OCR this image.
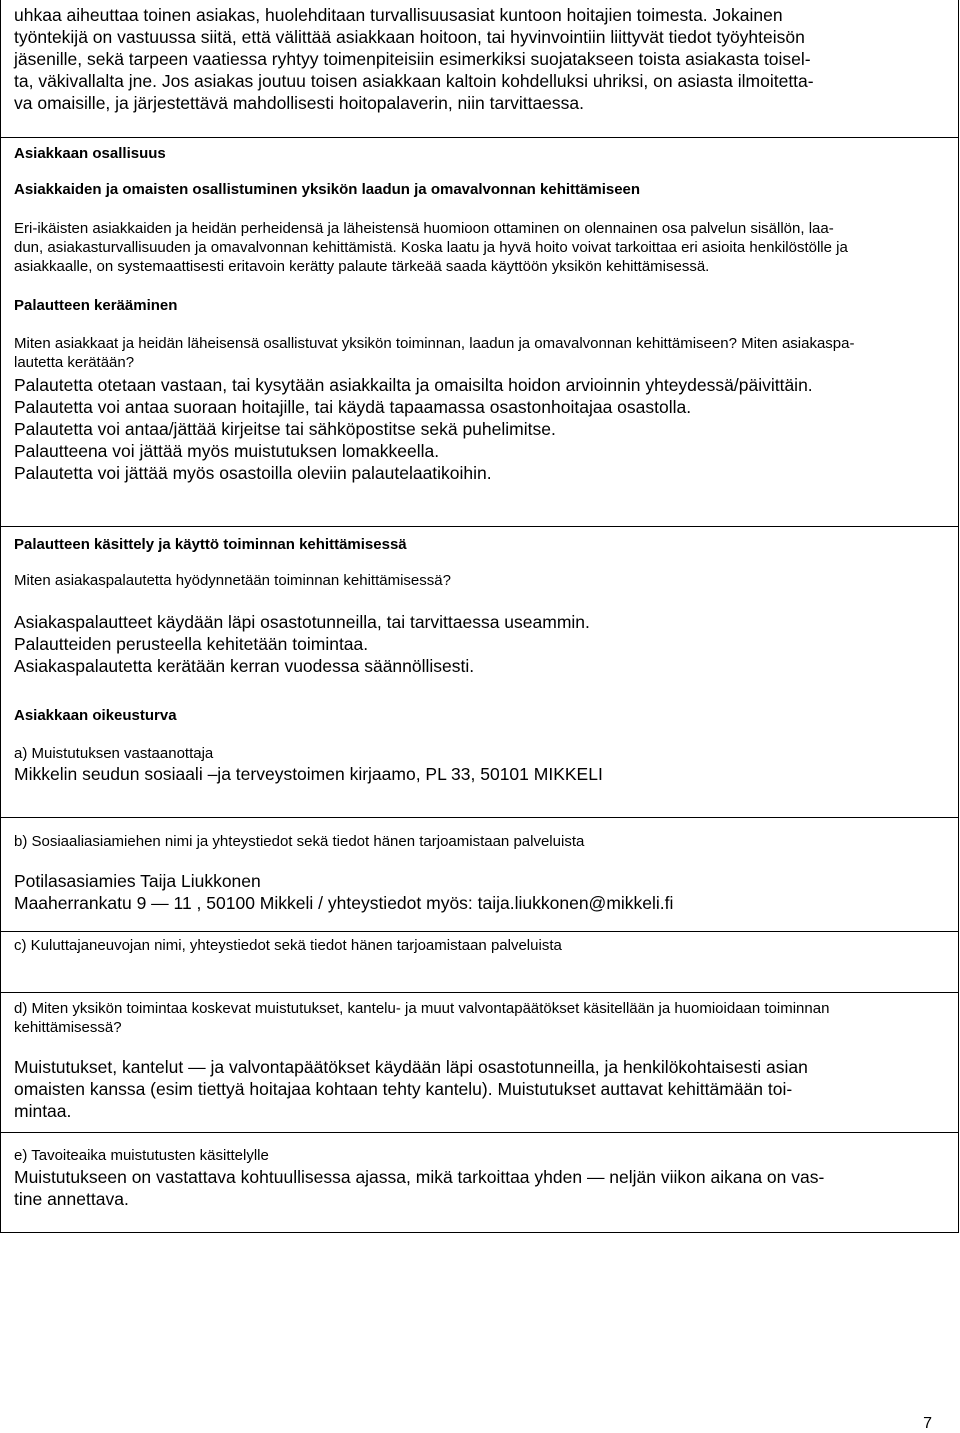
uhkaa aiheuttaa toinen asiakas, huolehditaan turvallisuusasiat kuntoon hoitajien toimesta. Jokainen
työntekijä on vastuussa siitä, että välittää asiakkaan hoitoon, tai hyvinvointiin liittyvät tiedot työyhteisön
jäsenille, sekä tarpeen vaatiessa ryhtyy toimenpiteisiin esimerkiksi suojatakseen toista asiakasta toisel-
ta, väkivallalta jne. Jos asiakas joutuu toisen asiakkaan kaltoin kohdelluksi uhriksi, on asiasta ilmoitetta-
va omaisille, ja järjestettävä mahdollisesti hoitopalaverin, niin tarvittaessa.
Asiakkaan osallisuus
Asiakkaiden ja omaisten osallistuminen yksikön laadun ja omavalvonnan kehittämiseen
Eri-ikäisten asiakkaiden ja heidän perheidensä ja läheistensä huomioon ottaminen on olennainen osa palvelun sisällön, laa-
dun, asiakasturvallisuuden ja omavalvonnan kehittämistä. Koska laatu ja hyvä hoito voivat tarkoittaa eri asioita henkilöstölle ja
asiakkaalle, on systemaattisesti eritavoin kerätty palaute tärkeää saada käyttöön yksikön kehittämisessä.
Palautteen kerääminen
Miten asiakkaat ja heidän läheisensä osallistuvat yksikön toiminnan, laadun ja omavalvonnan kehittämiseen? Miten asiakaspa-
lautetta kerätään?
Palautetta otetaan vastaan, tai kysytään asiakkailta ja omaisilta hoidon arvioinnin yhteydessä/päivittäin.
Palautetta voi antaa suoraan hoitajille, tai käydä tapaamassa osastonhoitajaa osastolla.
Palautetta voi antaa/jättää kirjeitse tai sähköpostitse sekä puhelimitse.
Palautteena voi jättää myös muistutuksen lomakkeella.
Palautetta voi jättää myös osastoilla oleviin palautelaatikoihin.
Palautteen käsittely ja käyttö toiminnan kehittämisessä
Miten asiakaspalautetta hyödynnetään toiminnan kehittämisessä?
Asiakaspalautteet käydään läpi osastotunneilla, tai tarvittaessa useammin.
Palautteiden perusteella kehitetään toimintaa.
Asiakaspalautetta kerätään kerran vuodessa säännöllisesti.
Asiakkaan oikeusturva
a) Muistutuksen vastaanottaja
Mikkelin seudun sosiaali –ja terveystoimen kirjaamo, PL 33, 50101 MIKKELI
b) Sosiaaliasiamiehen nimi ja yhteystiedot sekä tiedot hänen tarjoamistaan palveluista
Potilasasiamies Taija Liukkonen
Maaherrankatu 9 — 11 , 50100 Mikkeli / yhteystiedot myös: taija.liukkonen@mikkeli.fi
c) Kuluttajaneuvojan nimi, yhteystiedot sekä tiedot hänen tarjoamistaan palveluista
d) Miten yksikön toimintaa koskevat muistutukset, kantelu- ja muut valvontapäätökset käsitellään ja huomioidaan toiminnan
kehittämisessä?
Muistutukset, kantelut — ja valvontapäätökset käydään läpi osastotunneilla, ja henkilökohtaisesti asian
omaisten kanssa (esim tiettyä hoitajaa kohtaan tehty kantelu). Muistutukset auttavat kehittämään toi-
mintaa.
e) Tavoiteaika muistutusten käsittelylle
Muistutukseen on vastattava kohtuullisessa ajassa, mikä tarkoittaa yhden — neljän viikon aikana on vas-
tine annettava.
7
